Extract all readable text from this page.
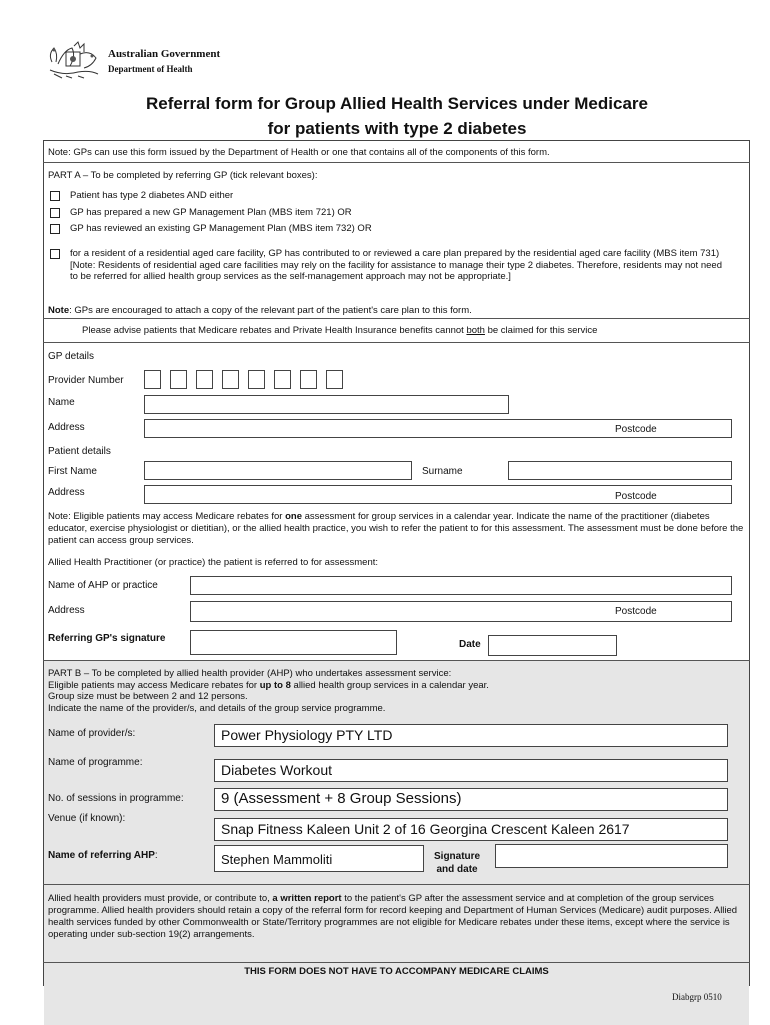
Australian Government
Department of Health
Referral form for Group Allied Health Services under Medicare
for patients with type 2 diabetes
Note: GPs can use this form issued by the Department of Health or one that contains all of the components of this form.
PART A – To be completed by referring GP (tick relevant boxes):
Patient has type 2 diabetes AND either
GP has prepared a new GP Management Plan (MBS item 721) OR
GP has reviewed an existing GP Management Plan (MBS item 732) OR
for a resident of a residential aged care facility, GP has contributed to or reviewed a care plan prepared by the residential aged care facility (MBS item 731) [Note: Residents of residential aged care facilities may rely on the facility for assistance to manage their type 2 diabetes. Therefore, residents may not need to be referred for allied health group services as the self-management approach may not be appropriate.]
Note: GPs are encouraged to attach a copy of the relevant part of the patient's care plan to this form.
Please advise patients that Medicare rebates and Private Health Insurance benefits cannot both be claimed for this service
GP details
Provider Number
Name
Address	Postcode
Patient details
First Name	Surname
Address	Postcode
Note: Eligible patients may access Medicare rebates for one assessment for group services in a calendar year. Indicate the name of the practitioner (diabetes educator, exercise physiologist or dietitian), or the allied health practice, you wish to refer the patient to for this assessment. The assessment must be done before the patient can access group services.
Allied Health Practitioner (or practice) the patient is referred to for assessment:
Name of AHP or practice
Address	Postcode
Referring GP's signature
Date
PART B – To be completed by allied health provider (AHP) who undertakes assessment service:
Eligible patients may access Medicare rebates for up to 8 allied health group services in a calendar year.
Group size must be between 2 and 12 persons.
Indicate the name of the provider/s, and details of the group service programme.
Name of provider/s:	Power Physiology PTY LTD
Name of programme:	Diabetes Workout
No. of sessions in programme: 9 (Assessment + 8 Group Sessions)
Venue (if known):
Snap Fitness Kaleen Unit 2 of 16 Georgina Crescent Kaleen 2617
Name of referring AHP:	Stephen Mammoliti	Signature
and date
Allied health providers must provide, or contribute to, a written report to the patient's GP after the assessment service and at completion of the group services programme. Allied health providers should retain a copy of the referral form for record keeping and Department of Human Services (Medicare) audit purposes. Allied health services funded by other Commonwealth or State/Territory programmes are not eligible for Medicare rebates under these items, except where the service is operating under sub-section 19(2) arrangements.
THIS FORM DOES NOT HAVE TO ACCOMPANY MEDICARE CLAIMS
Diabgrp 0510
